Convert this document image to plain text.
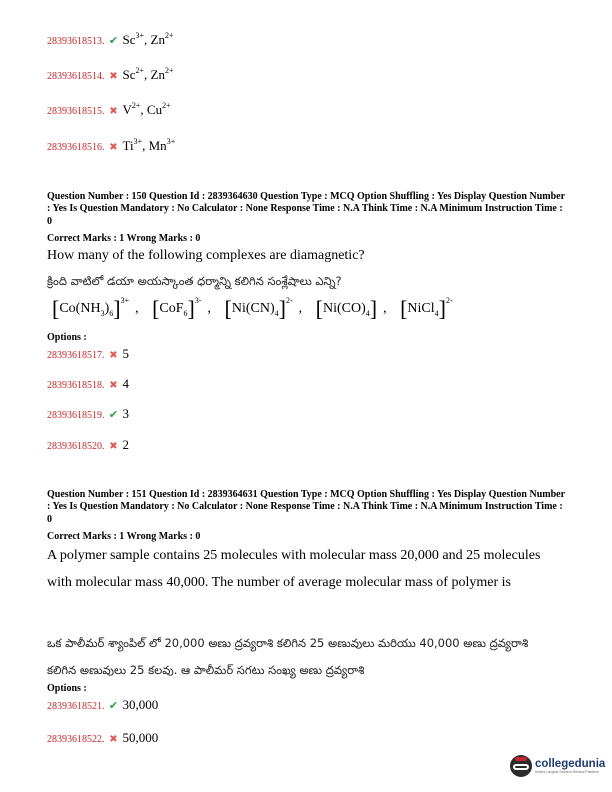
28393618513. ✔ $Sc^{3+}$, $Zn^{2+}$
28393618514. ✖ $Sc^{2+}$, $Zn^{2+}$
28393618515. ✖ $V^{2+}$, $Cu^{2+}$
28393618516. ✖ $Ti^{3+}$, $Mn^{3+}$
Question Number : 150 Question Id : 2839364630 Question Type : MCQ Option Shuffling : Yes Display Question Number : Yes Is Question Mandatory : No Calculator : None Response Time : N.A Think Time : N.A Minimum Instruction Time : 0
Correct Marks : 1 Wrong Marks : 0
How many of the following complexes are diamagnetic?
క్రింది వాటిలో డయా అయస్కాంత ధర్మాన్ని కలిగిన సంశ్లేషాలు ఎన్ని?
$[Co(NH_3)_6]^{3+}$, $[CoF_6]^{3-}$, $[Ni(CN)_4]^{2-}$, $[Ni(CO)_4]$ , [NiCl$_4$]$^{2-}$
Options :
28393618517. ✖ 5
28393618518. ✖ 4
28393618519. ✔ 3
28393618520. ✖ 2
Question Number : 151 Question Id : 2839364631 Question Type : MCQ Option Shuffling : Yes Display Question Number : Yes Is Question Mandatory : No Calculator : None Response Time : N.A Think Time : N.A Minimum Instruction Time : 0
Correct Marks : 1 Wrong Marks : 0
A polymer sample contains 25 molecules with molecular mass 20,000 and 25 molecules with molecular mass 40,000. The number of average molecular mass of polymer is
ఒక పాలీమర్ శ్యాంపిల్ లో 20,000 అణు ద్రవ్యరాశి కలిగిన 25 అణువులు మరియు 40,000 అణు ద్రవ్యరాశి కలిగిన అణువులు 25 కలవు. ఆ పాలీమర్ సగటు సంఖ్య అణు ద్రవ్యరాశి
Options :
28393618521. ✔ 30,000
28393618522. ✖ 50,000
collegedunia
India's Largest Student Review Platform
